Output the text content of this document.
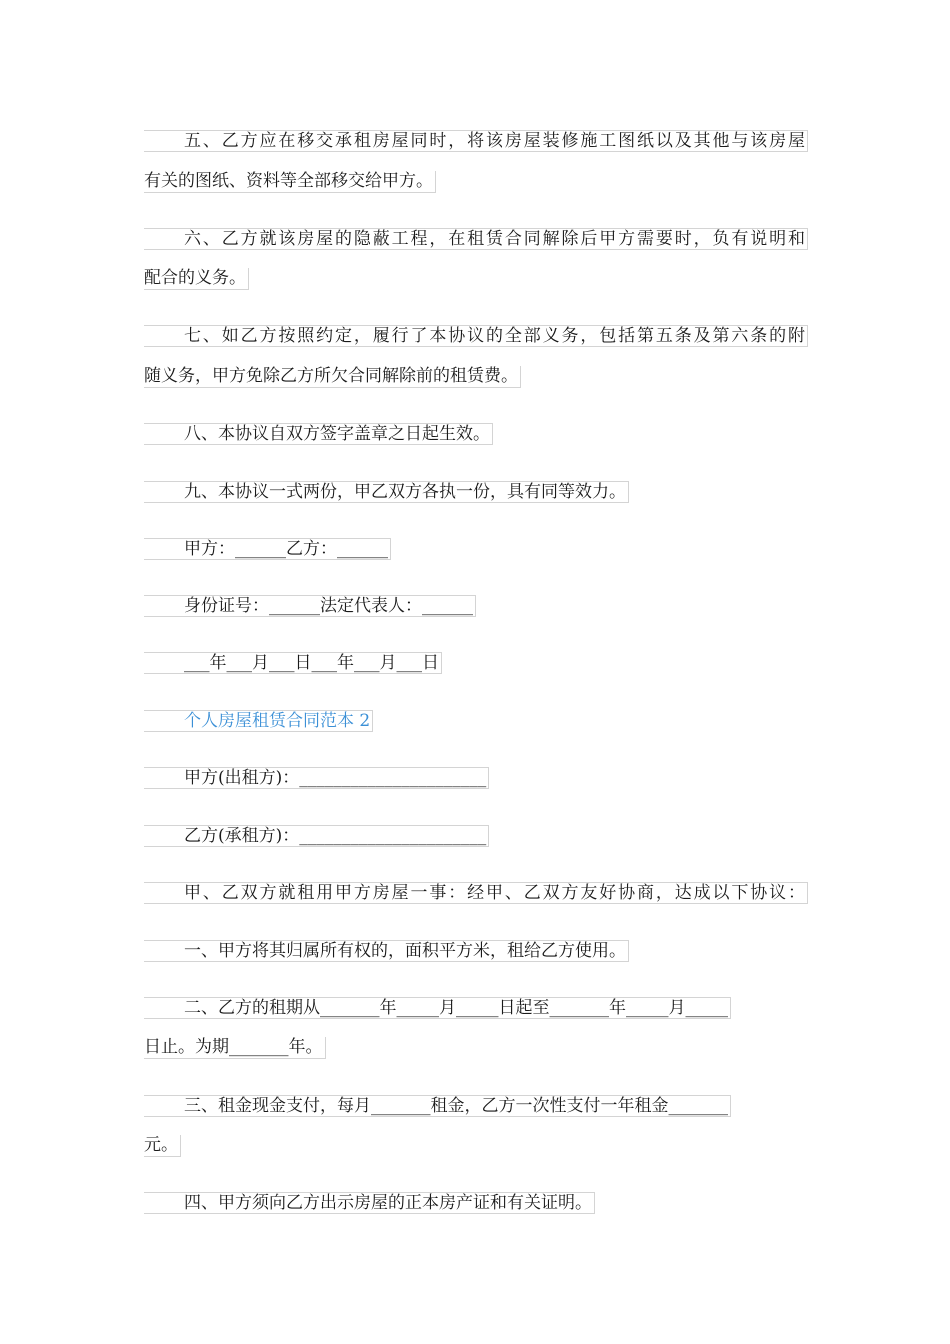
五、乙方应在移交承租房屋同时，将该房屋装修施工图纸以及其他与该房屋
有关的图纸、资料等全部移交给甲方。
六、乙方就该房屋的隐蔽工程，在租赁合同解除后甲方需要时，负有说明和
配合的义务。
七、如乙方按照约定，履行了本协议的全部义务，包括第五条及第六条的附
随义务，甲方免除乙方所欠合同解除前的租赁费。
八、本协议自双方签字盖章之日起生效。
九、本协议一式两份，甲乙双方各执一份，具有同等效力。
甲方：______乙方：______
身份证号：______法定代表人：______
___年___月___日___年___月___日
个人房屋租赁合同范本 2
甲方(出租方)：______________________
乙方(承租方)：______________________
甲、乙双方就租用甲方房屋一事：经甲、乙双方友好协商，达成以下协议：
一、甲方将其归属所有权的，面积平方米，租给乙方使用。
二、乙方的租期从_______年_____月_____日起至_______年_____月_____
日止。为期_______年。
三、租金现金支付，每月_______租金，乙方一次性支付一年租金_______
元。
四、甲方须向乙方出示房屋的正本房产证和有关证明。
